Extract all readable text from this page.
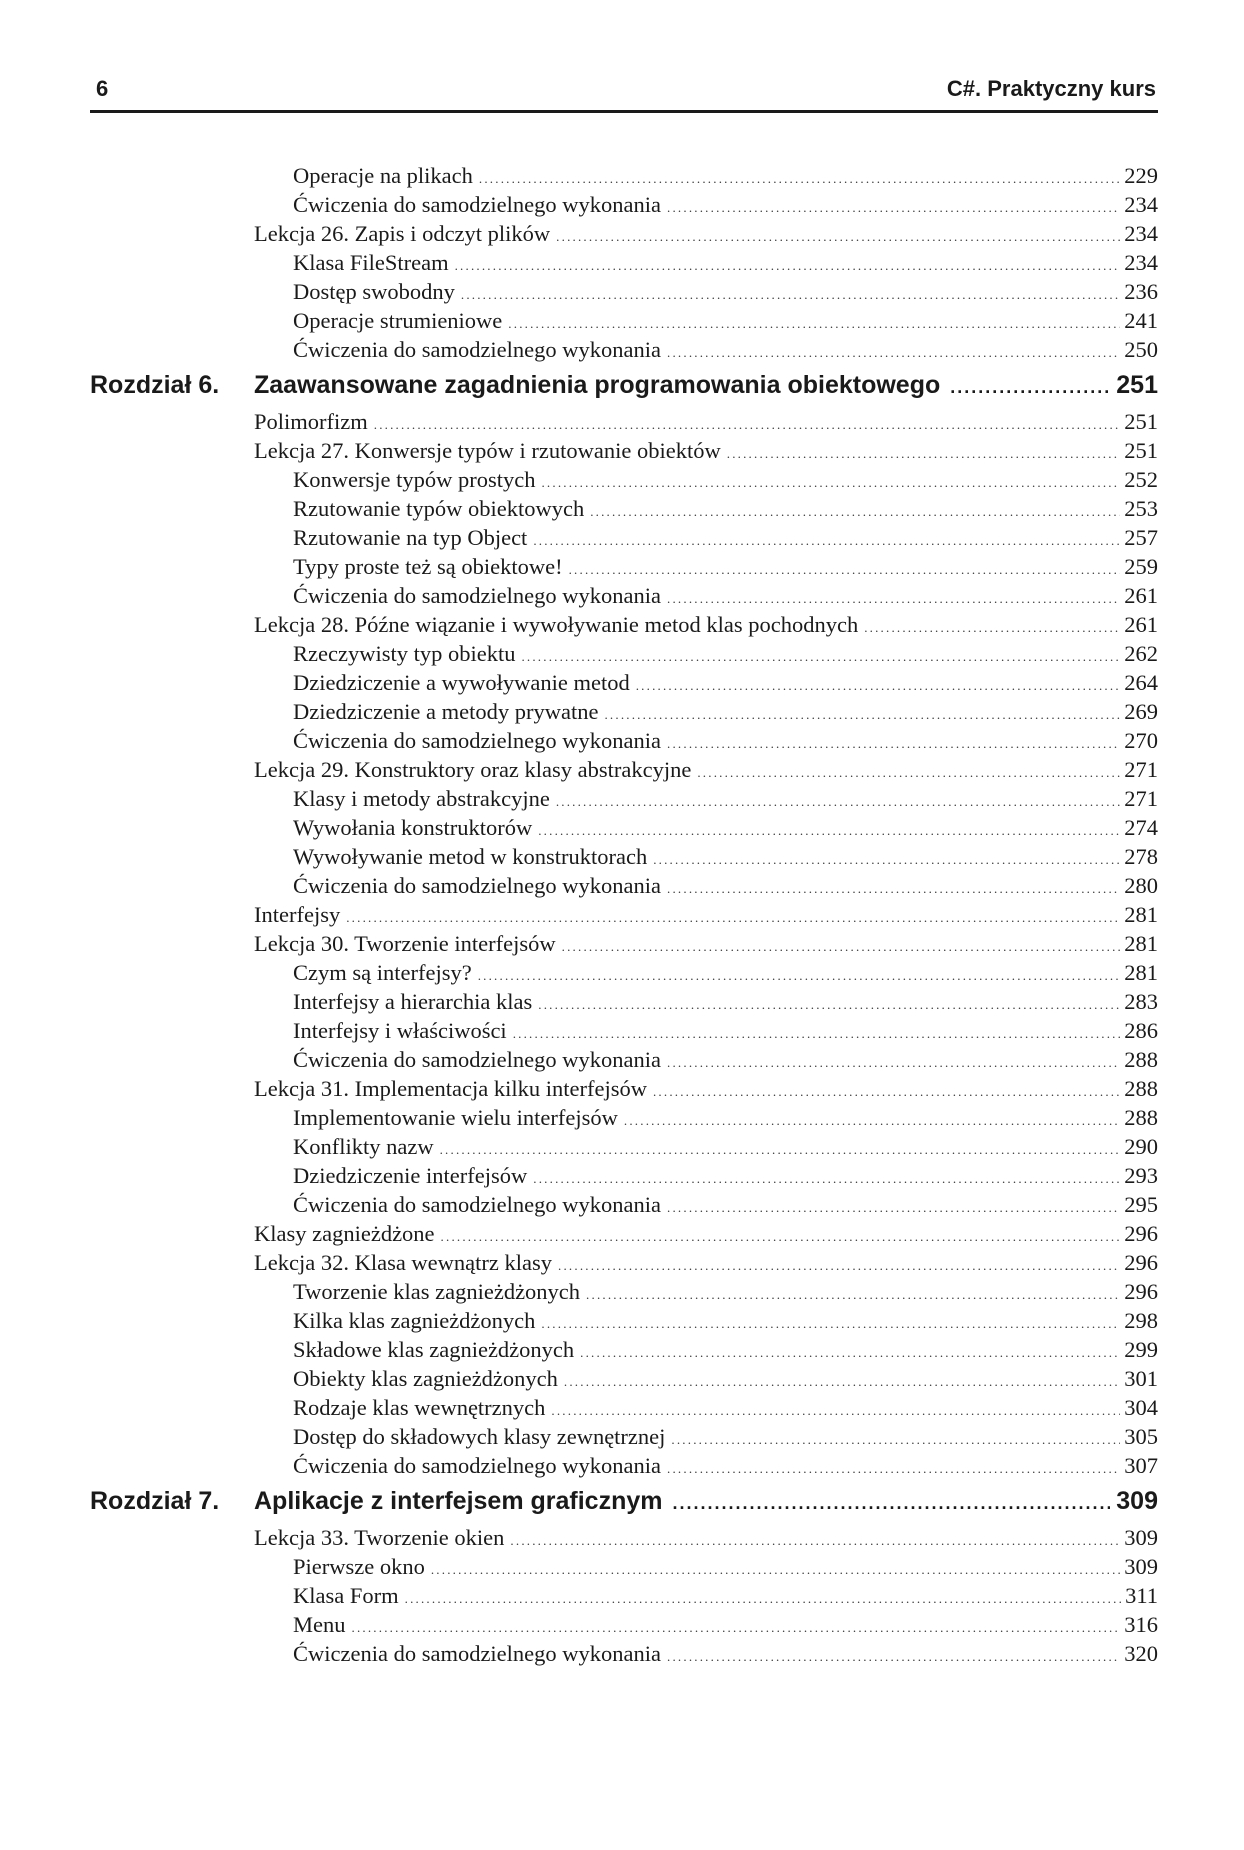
6	C#. Praktyczny kurs
Operacje na plikach .....	229
Ćwiczenia do samodzielnego wykonania .....	234
Lekcja 26. Zapis i odczyt plików .....	234
Klasa FileStream .....	234
Dostęp swobodny .....	236
Operacje strumieniowe .....	241
Ćwiczenia do samodzielnego wykonania .....	250
Rozdział 6.	Zaawansowane zagadnienia programowania obiektowego .....	251
Polimorfizm .....	251
Lekcja 27. Konwersje typów i rzutowanie obiektów .....	251
Konwersje typów prostych .....	252
Rzutowanie typów obiektowych .....	253
Rzutowanie na typ Object .....	257
Typy proste też są obiektowe! .....	259
Ćwiczenia do samodzielnego wykonania .....	261
Lekcja 28. Późne wiązanie i wywoływanie metod klas pochodnych .....	261
Rzeczywisty typ obiektu .....	262
Dziedziczenie a wywoływanie metod .....	264
Dziedziczenie a metody prywatne .....	269
Ćwiczenia do samodzielnego wykonania .....	270
Lekcja 29. Konstruktory oraz klasy abstrakcyjne .....	271
Klasy i metody abstrakcyjne .....	271
Wywołania konstruktorów .....	274
Wywoływanie metod w konstruktorach .....	278
Ćwiczenia do samodzielnego wykonania .....	280
Interfejsy .....	281
Lekcja 30. Tworzenie interfejsów .....	281
Czym są interfejsy? .....	281
Interfejsy a hierarchia klas .....	283
Interfejsy i właściwości .....	286
Ćwiczenia do samodzielnego wykonania .....	288
Lekcja 31. Implementacja kilku interfejsów .....	288
Implementowanie wielu interfejsów .....	288
Konflikty nazw .....	290
Dziedziczenie interfejsów .....	293
Ćwiczenia do samodzielnego wykonania .....	295
Klasy zagnieżdżone .....	296
Lekcja 32. Klasa wewnątrz klasy .....	296
Tworzenie klas zagnieżdżonych .....	296
Kilka klas zagnieżdżonych .....	298
Składowe klas zagnieżdżonych .....	299
Obiekty klas zagnieżdżonych .....	301
Rodzaje klas wewnętrznych .....	304
Dostęp do składowych klasy zewnętrznej .....	305
Ćwiczenia do samodzielnego wykonania .....	307
Rozdział 7.	Aplikacje z interfejsem graficznym .....	309
Lekcja 33. Tworzenie okien .....	309
Pierwsze okno .....	309
Klasa Form .....	311
Menu .....	316
Ćwiczenia do samodzielnego wykonania .....	320
